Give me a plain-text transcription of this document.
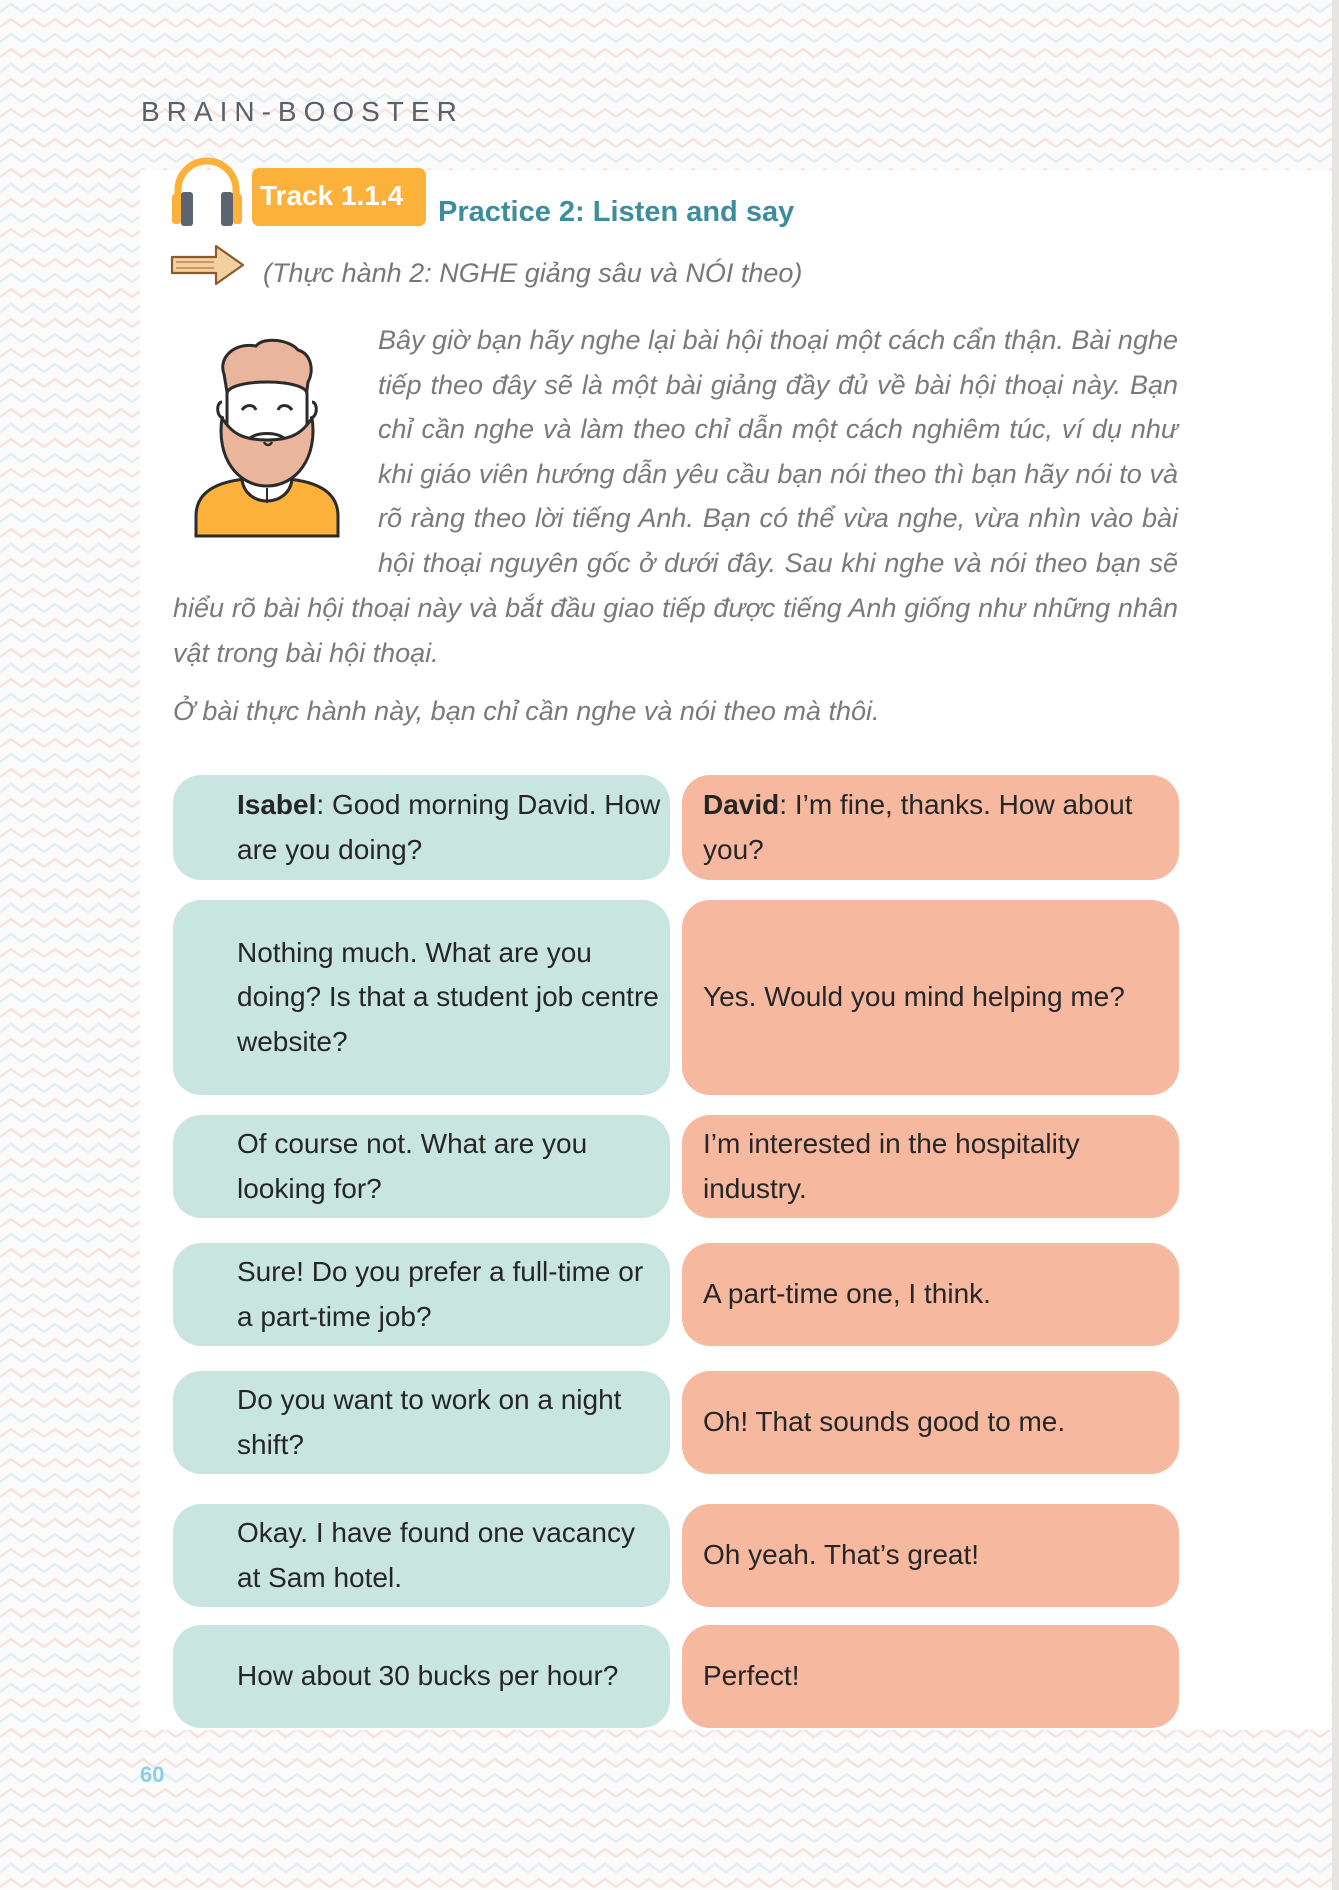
BRAIN-BOOSTER
Track 1.1.4
Practice 2: Listen and say
(Thực hành 2: NGHE giảng sâu và NÓI theo)

Bây giờ bạn hãy nghe lại bài hội thoại một cách cẩn thận. Bài nghe tiếp theo đây sẽ là một bài giảng đầy đủ về bài hội thoại này. Bạn chỉ cần nghe và làm theo chỉ dẫn một cách nghiêm túc, ví dụ như khi giáo viên hướng dẫn yêu cầu bạn nói theo thì bạn hãy nói to và rõ ràng theo lời tiếng Anh. Bạn có thể vừa nghe, vừa nhìn vào bài hội thoại nguyên gốc ở dưới đây. Sau khi nghe và nói theo bạn sẽ

hiểu rõ bài hội thoại này và bắt đầu giao tiếp được tiếng Anh giống như những nhân
vật trong bài hội thoại.

Ở bài thực hành này, bạn chỉ cần nghe và nói theo mà thôi.

Isabel: Good morning David. How are you doing?
David: I’m fine, thanks. How about you?
Nothing much. What are you doing? Is that a student job centre website?
Yes. Would you mind helping me?
Of course not. What are you looking for?
I’m interested in the hospitality industry.
Sure! Do you prefer a full-time or a part-time job?
A part-time one, I think.
Do you want to work on a night shift?
Oh! That sounds good to me.
Okay. I have found one vacancy at Sam hotel.
Oh yeah. That’s great!
How about 30 bucks per hour?	Perfect!
60
